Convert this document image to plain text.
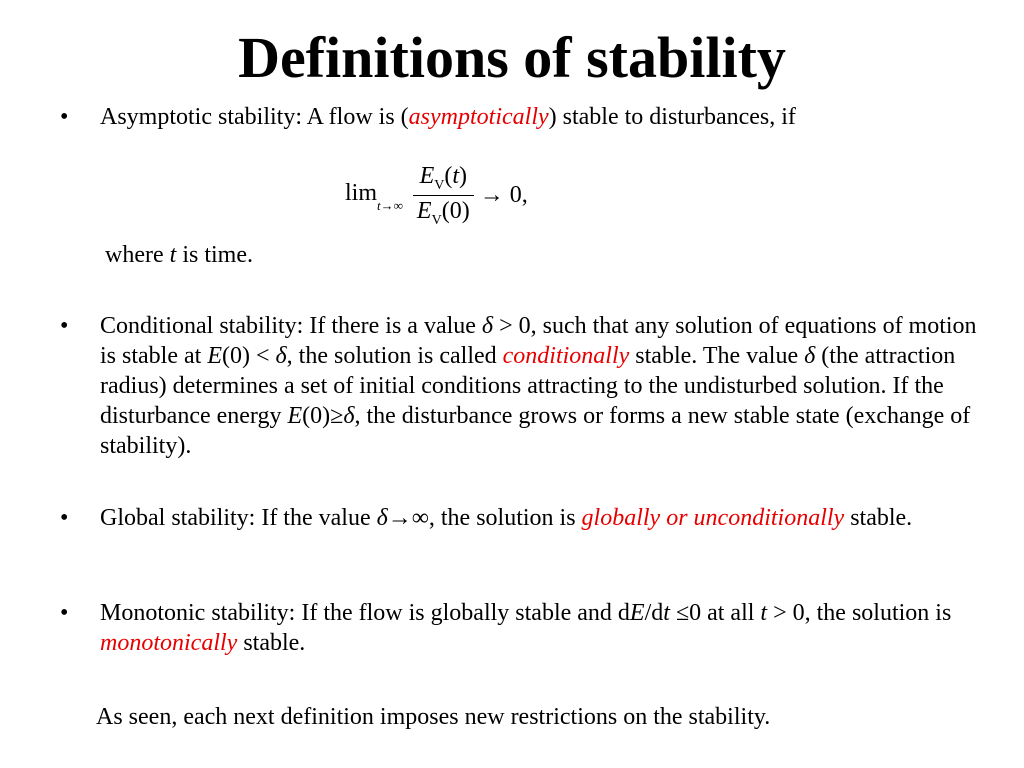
Definitions of stability
•	Asymptotic stability: A flow is (asymptotically) stable to disturbances, if
$\lim_{t\to\infty} \frac{E_V(t)}{E_V(0)} \to 0$,
where t is time.
•	Conditional stability: If there is a value δ > 0, such that any solution of equations of motion is stable at E(0) < δ, the solution is called conditionally stable. The value δ (the attraction radius) determines a set of initial conditions attracting to the undisturbed solution. If the disturbance energy E(0)≥δ, the disturbance grows or forms a new stable state (exchange of stability).
•	Global stability: If the value δ→∞, the solution is globally or unconditionally stable.
•	Monotonic stability: If the flow is globally stable and dE/dt ≤0 at all t > 0, the solution is monotonically stable.
As seen, each next definition imposes new restrictions on the stability.
